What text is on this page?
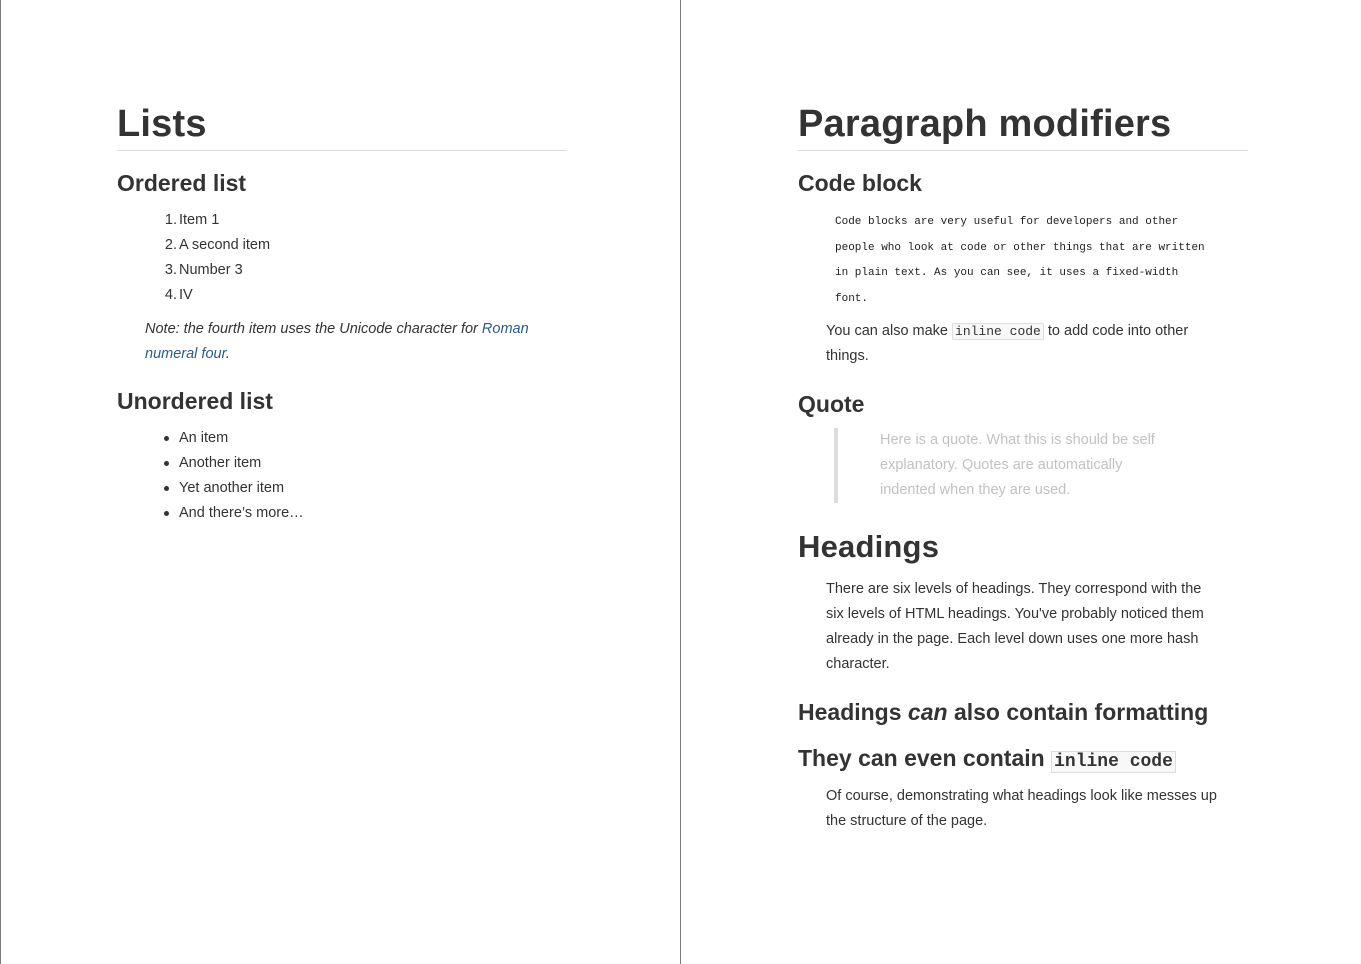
Lists
Ordered list
1. Item 1
2. A second item
3. Number 3
4. IV

Note: the fourth item uses the Unicode character for Roman numeral four.

Unordered list
An item
Another item
Yet another item
And there’s more…
Paragraph modifiers
Code block
Code blocks are very useful for developers and other
people who look at code or other things that are written
in plain text. As you can see, it uses a fixed-width
font.

You can also make inline code to add code into other things.

Quote
Here is a quote. What this is should be self explanatory. Quotes are automatically indented when they are used.
Headings

There are six levels of headings. They correspond with the six levels of HTML headings. You've probably noticed them already in the page. Each level down uses one more hash character.

Headings can also contain formatting
They can even contain inline code

Of course, demonstrating what headings look like messes up the structure of the page.
